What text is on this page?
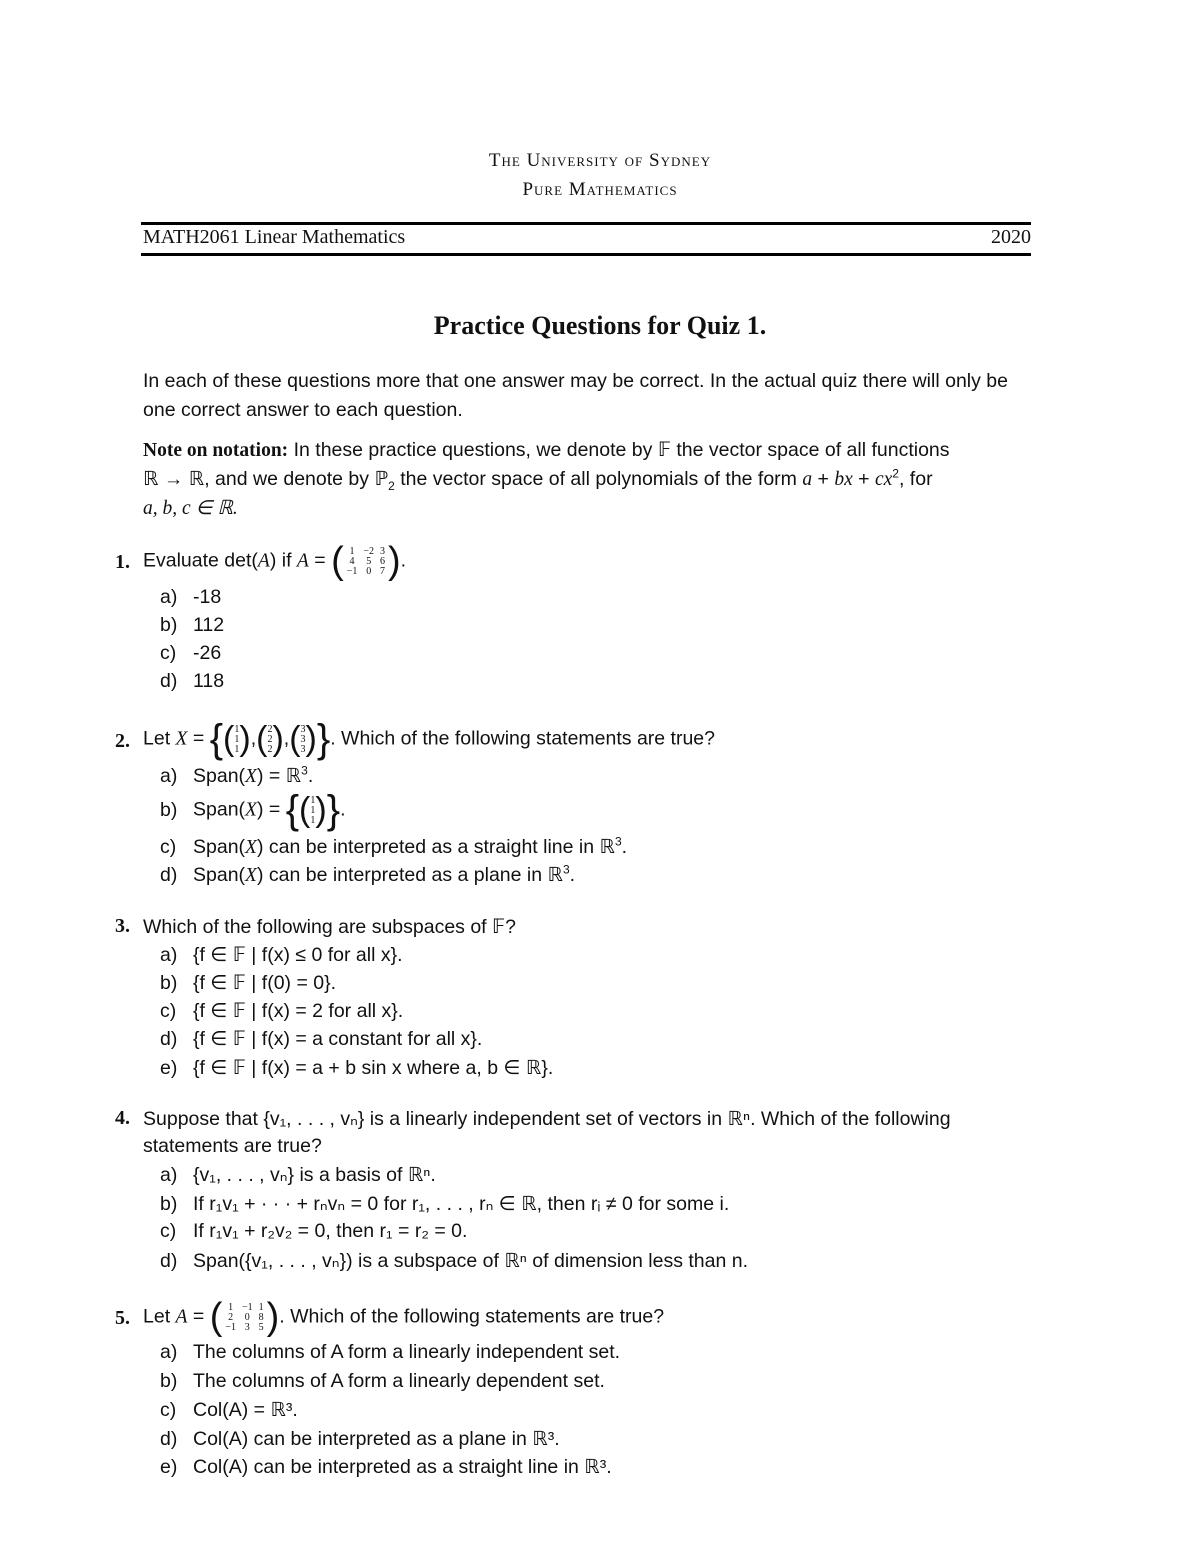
The University of Sydney
Pure Mathematics
MATH2061 Linear Mathematics	2020
Practice Questions for Quiz 1.
In each of these questions more that one answer may be correct. In the actual quiz there will only be one correct answer to each question.
Note on notation: In these practice questions, we denote by 𝔽 the vector space of all functions
ℝ → ℝ, and we denote by ℙ$_2$ the vector space of all polynomials of the form a + bx + $cx^2$, for
a, b, c ∈ ℝ.
1. Evaluate det(A) if A = ( 1	−2	3
4	5	6
−1	0	7 ).
a) -18
b) 112
c) -26
d) 118
2. Let X = {(1
1
1),(2
2
2),(3
3
3)}. Which of the following statements are true?
a) Span(X) = ℝ$^3$.
b) Span(X) = {(1
1
1)}.
c) Span(X) can be interpreted as a straight line in ℝ$^3$.
d) Span(X) can be interpreted as a plane in ℝ$^3$.
3. Which of the following are subspaces of 𝔽?
a) {f ∈ 𝔽 | f(x) ≤ 0 for all x}.
b) {f ∈ 𝔽 | f(0) = 0}.
c) {f ∈ 𝔽 | f(x) = 2 for all x}.
d) {f ∈ 𝔽 | f(x) = a constant for all x}.
e) {f ∈ 𝔽 | f(x) = a + b sin x where a, b ∈ ℝ}.
4. Suppose that {v₁, . . . , vₙ} is a linearly independent set of vectors in ℝⁿ. Which of the following
statements are true?
a) {v₁, . . . , vₙ} is a basis of ℝⁿ.
b) If r₁v₁ + · · · + rₙvₙ = 0 for r₁, . . . , rₙ ∈ ℝ, then rᵢ ≠ 0 for some i.
c) If r₁v₁ + r₂v₂ = 0, then r₁ = r₂ = 0.
d) Span({v₁, . . . , vₙ}) is a subspace of ℝⁿ of dimension less than n.
5. Let A = ( 1	−1	1
2	0	8
−1	3	5 ). Which of the following statements are true?
a) The columns of A form a linearly independent set.
b) The columns of A form a linearly dependent set.
c) Col(A) = ℝ³.
d) Col(A) can be interpreted as a plane in ℝ³.
e) Col(A) can be interpreted as a straight line in ℝ³.
